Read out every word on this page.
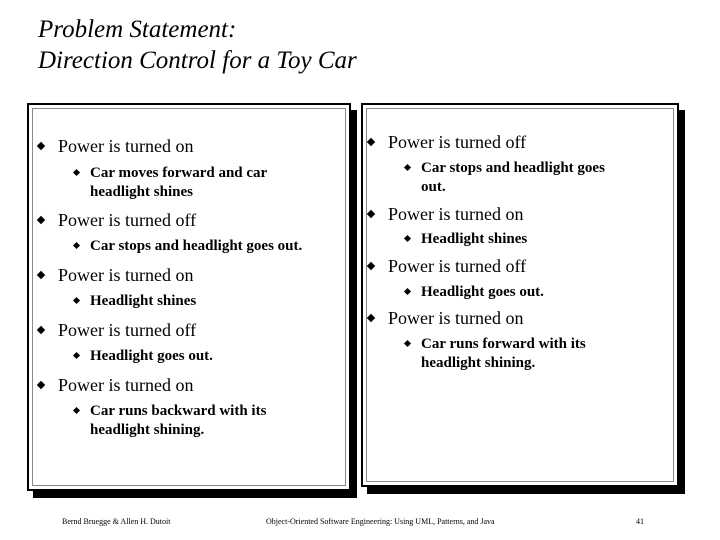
Problem Statement:
Direction Control for a Toy Car
Power is turned on
Car moves forward and car
headlight shines
Power is turned off
Car stops and headlight goes out.
Power is turned on
Headlight shines
Power is turned off
Headlight goes out.
Power is turned on
Car runs backward with its
headlight shining.
Power is turned off
Car stops and headlight goes
out.
Power is turned on
Headlight shines
Power is turned off
Headlight goes out.
Power is turned on
Car runs forward with its
headlight shining.
Bernd Bruegge & Allen H. Dutoit	Object-Oriented Software Engineering: Using UML, Patterns, and Java	41
